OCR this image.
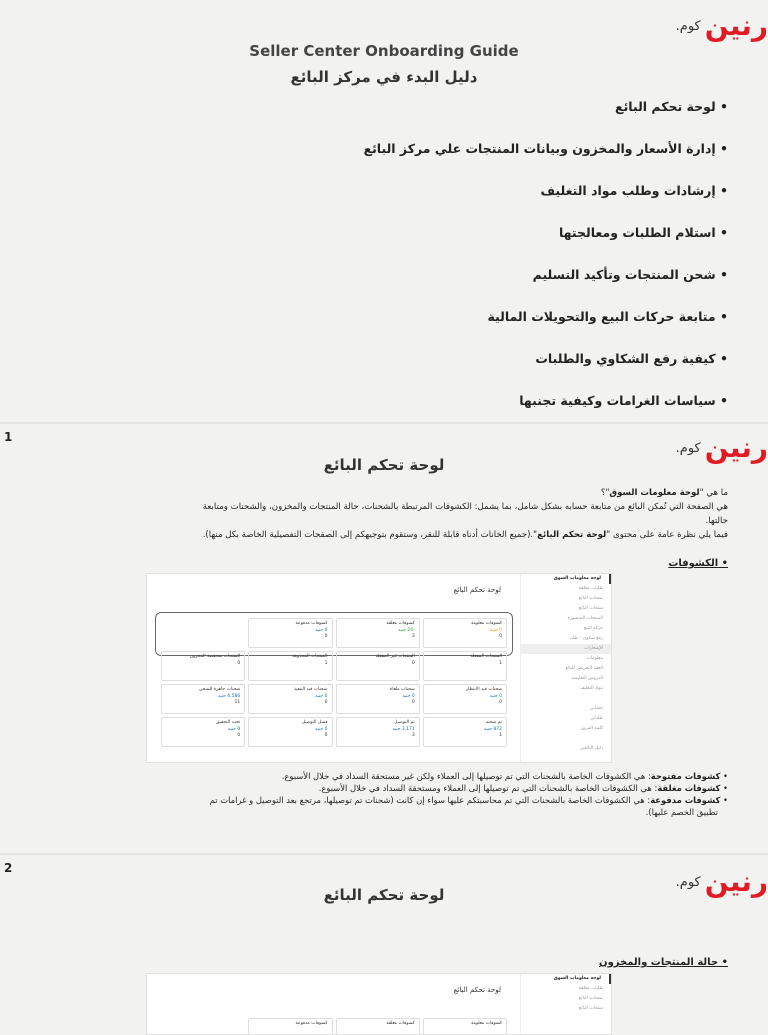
.كوم رنين
Seller Center Onboarding Guide
دليل البدء في مركز البائع
• لوحة تحكم البائع
• إدارة الأسعار والمخزون وبيانات المنتجات علي مركز البائع
• إرشادات وطلب مواد التغليف
• استلام الطلبات ومعالجتها
• شحن المنتجات وتأكيد التسليم
• متابعة حركات البيع والتحويلات المالية
• كيفية رفع الشكاوي والطلبات
• سياسات الغرامات وكيفية تجنبها
1
.كوم رنين
لوحة تحكم البائع
ما هي "لوحة معلومات السوق"؟
هي الصفحة التي تُمكن البائع من متابعة حسابه بشكل شامل، بما يشمل: الكشوفات المرتبطة بالشحنات، حالة المنتجات والمخزون، والشحنات ومتابعة
حالتها.
فيما يلي نظرة عامة على محتوى "لوحة تحكم البائع".(جميع الخانات أدناه قابلة للنقر، وستقوم بتوجيهكم إلى الصفحات التفصيلية الخاصة بكل منها).
• الكشوفات
لوحة معلومات السوق
طلبات معلقة
شحنات البائع
منتجات البائع
المنتجات المنشورة
حركة البيع
رفع شكوى - طلب
الإشعارات
معلومات
العقد التعريفي للبائع
الدروس التعليمية
مواد التغليف
حسابي
طلباتي
كلمة المرور
دليل البائعين
لوحة تحكم البائع
كشوفات معلومة
0 جنيه
0
كشوفات معلقة
-24 جنيه
3
كشوفات مدفوعة
0 جنيه
0
المنتجات المفعلة
1
المنتجات غير المفعلة
0
المنتجات المحذوفة
1
المنتجات منخفضة المخزون
0
شحنات قيد الانتظار
0 جنيه
0
شحنات ملغاة
0 جنيه
0
شحنات قيد التنفيذ
0 جنيه
0
شحنات جاهزة للشحن
6,586 جنيه
11
تم شحنه
872 جنيه
1
تم التوصيل
3,171 جنيه
3
فشل التوصيل
0 جنيه
0
تحت التحقيق
0 جنيه
0
• كشوفات مفتوحة: هي الكشوفات الخاصة بالشحنات التي تم توصيلها إلى العملاء ولكن غير مستحقة السداد في خلال الأسبوع.
• كشوفات مغلقة: هي الكشوفات الخاصة بالشحنات التي تم توصيلها إلى العملاء ومستحقة السداد في خلال الأسبوع.
• كشوفات مدفوعة: هي الكشوفات الخاصة بالشحنات التي تم محاسبتكم عليها سواء إن كانت (شحنات تم توصيلها، مرتجع بعد التوصيل و غرامات تم
تطبيق الخصم عليها).
2
.كوم رنين
لوحة تحكم البائع
• حالة المنتجات والمخزون
لوحة معلومات السوق
طلبات معلقة
شحنات البائع
منتجات البائع
لوحة تحكم البائع
كشوفات معلومة
كشوفات معلقة
كشوفات مدفوعة
